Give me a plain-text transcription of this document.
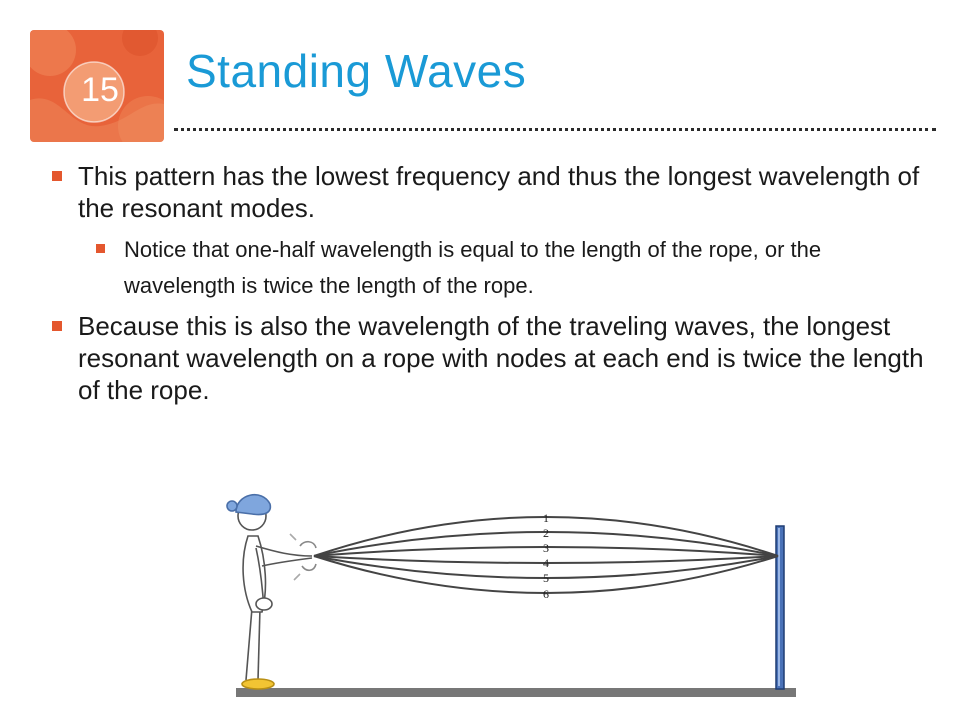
15	Standing Waves
This pattern has the lowest frequency and thus the longest wavelength of the resonant modes.
Notice that one-half wavelength is equal to the length of the rope, or the wavelength is twice the length of the rope.
Because this is also the wavelength of the traveling waves, the longest resonant wavelength on a rope with nodes at each end is twice the length of the rope.
1
2
3
4
5
6
